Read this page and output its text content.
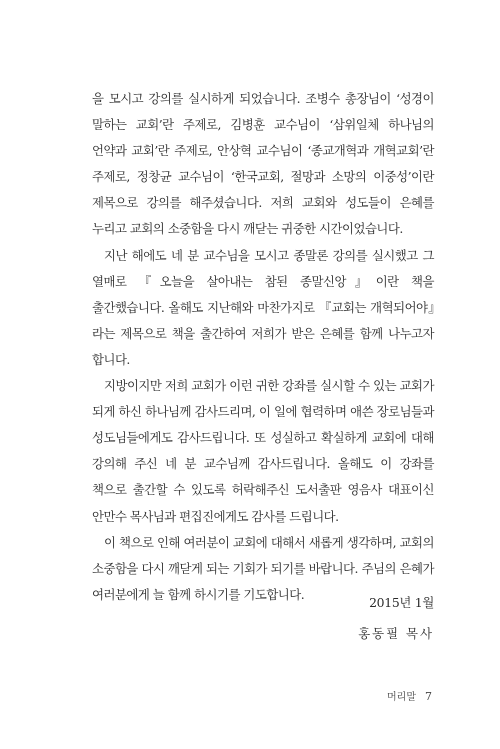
을 모시고 강의를 실시하게 되었습니다. 조병수 총장님이 ‘성경이 말하는 교회’란 주제로, 김병훈 교수님이 ‘삼위일체 하나님의 언약과 교회’란 주제로, 안상혁 교수님이 ‘종교개혁과 개혁교회’란 주제로, 정창균 교수님이 ‘한국교회, 절망과 소망의 이중성’이란 제목으로 강의를 해주셨습니다. 저희 교회와 성도들이 은혜를 누리고 교회의 소중함을 다시 깨닫는 귀중한 시간이었습니다.

지난 해에도 네 분 교수님을 모시고 종말론 강의를 실시했고 그 열매로 『오늘을 살아내는 참된 종말신앙』이란 책을 출간했습니다. 올해도 지난해와 마찬가지로 『교회는 개혁되어야』라는 제목으로 책을 출간하여 저희가 받은 은혜를 함께 나누고자 합니다.

지방이지만 저희 교회가 이런 귀한 강좌를 실시할 수 있는 교회가 되게 하신 하나님께 감사드리며, 이 일에 협력하며 애쓴 장로님들과 성도님들에게도 감사드립니다. 또 성실하고 확실하게 교회에 대해 강의해 주신 네 분 교수님께 감사드립니다. 올해도 이 강좌를 책으로 출간할 수 있도록 허락해주신 도서출판 영음사 대표이신 안만수 목사님과 편집진에게도 감사를 드립니다.

이 책으로 인해 여러분이 교회에 대해서 새롭게 생각하며, 교회의 소중함을 다시 깨닫게 되는 기회가 되기를 바랍니다. 주님의 은혜가 여러분에게 늘 함께 하시기를 기도합니다.

2015년 1월
홍동필 목사
머리말 7
